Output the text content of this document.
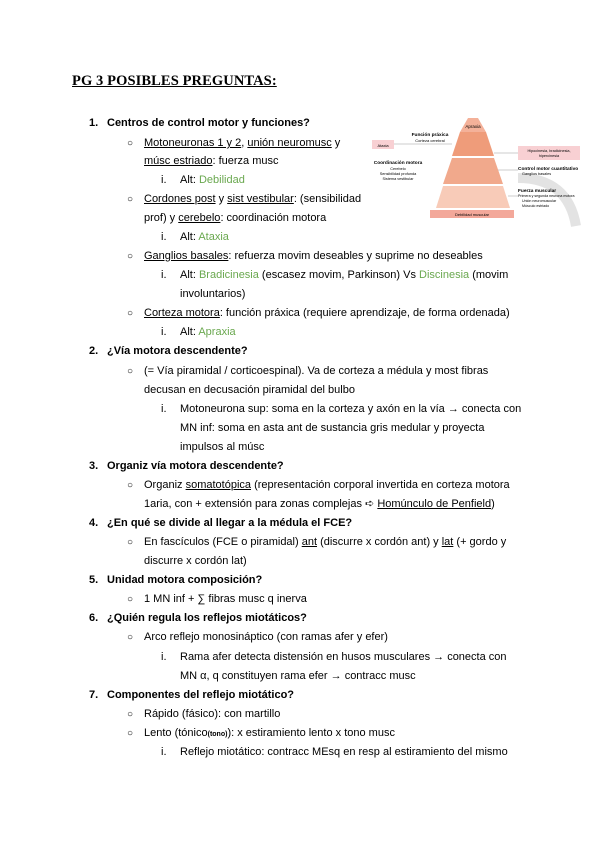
PG 3 POSIBLES PREGUNTAS:
Apraxia
Función práxica
Corteza cerebral
Ataxia
Coordinación motora
Cerebelo
Sensibilidad profunda
Sistema vestibular
Hipocinesia, bradicinesia,
hipercinesia
Control motor cuantitativo
Ganglios basales
Fuerza muscular
Primera y segunda neurona motora
Unión neuromuscular
Músculo estriado
Debilidad muscular
1. Centros de control motor y funciones?
○ Motoneuronas 1 y 2, unión neuromusc y
músc estriado: fuerza musc
i. Alt: Debilidad
○ Cordones post y sist vestibular: (sensibilidad
prof) y cerebelo: coordinación motora
i. Alt: Ataxia
○ Ganglios basales: refuerza movim deseables y suprime no deseables
i. Alt: Bradicinesia (escasez movim, Parkinson) Vs Discinesia (movim
involuntarios)
○ Corteza motora: función práxica (requiere aprendizaje, de forma ordenada)
i. Alt: Apraxia
2. ¿Vía motora descendente?
○ (= Vía piramidal / corticoespinal). Va de corteza a médula y most fibras
decusan en decusación piramidal del bulbo
i. Motoneurona sup: soma en la corteza y axón en la vía → conecta con
MN inf: soma en asta ant de sustancia gris medular y proyecta
impulsos al músc
3. Organiz vía motora descendente?
○ Organiz somatotópica (representación corporal invertida en corteza motora
1aria, con + extensión para zonas complejas ➪ Homúnculo de Penfield)
4. ¿En qué se divide al llegar a la médula el FCE?
○ En fascículos (FCE o piramidal) ant (discurre x cordón ant) y lat (+ gordo y
discurre x cordón lat)
5. Unidad motora composición?
○ 1 MN inf + ∑ fibras musc q inerva
6. ¿Quién regula los reflejos miotáticos?
○ Arco reflejo monosináptico (con ramas afer y efer)
i. Rama afer detecta distensión en husos musculares → conecta con
MN α, q constituyen rama efer → contracc musc
7. Componentes del reflejo miotático?
○ Rápido (fásico): con martillo
○ Lento (tónico(tono)): x estiramiento lento x tono musc
i. Reflejo miotático: contracc MEsq en resp al estiramiento del mismo
